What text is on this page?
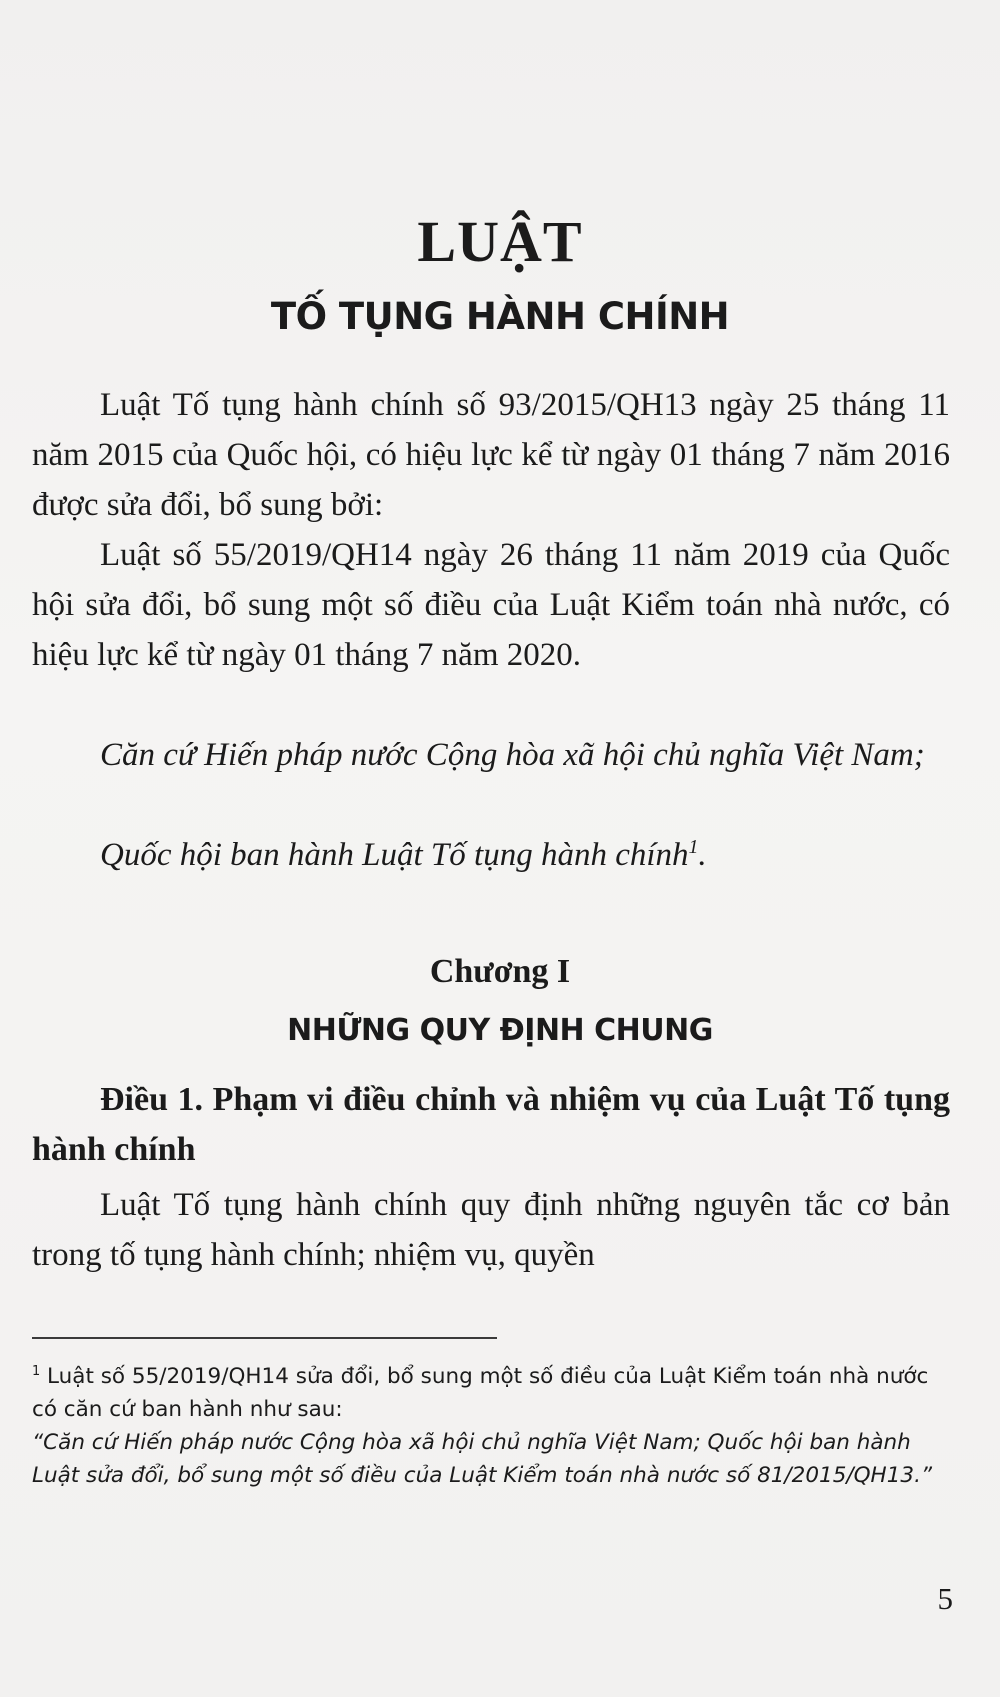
LUẬT
TỐ TỤNG HÀNH CHÍNH

Luật Tố tụng hành chính số 93/2015/QH13 ngày 25 tháng 11 năm 2015 của Quốc hội, có hiệu lực kể từ ngày 01 tháng 7 năm 2016 được sửa đổi, bổ sung bởi:

Luật số 55/2019/QH14 ngày 26 tháng 11 năm 2019 của Quốc hội sửa đổi, bổ sung một số điều của Luật Kiểm toán nhà nước, có hiệu lực kể từ ngày 01 tháng 7 năm 2020.

Căn cứ Hiến pháp nước Cộng hòa xã hội chủ nghĩa Việt Nam;

Quốc hội ban hành Luật Tố tụng hành chính$^1$.

Chương I

NHỮNG QUY ĐỊNH CHUNG

Điều 1. Phạm vi điều chỉnh và nhiệm vụ của Luật Tố tụng hành chính

Luật Tố tụng hành chính quy định những nguyên tắc cơ bản trong tố tụng hành chính; nhiệm vụ, quyền

$^1$ Luật số 55/2019/QH14 sửa đổi, bổ sung một số điều của Luật Kiểm toán nhà nước có căn cứ ban hành như sau:
“Căn cứ Hiến pháp nước Cộng hòa xã hội chủ nghĩa Việt Nam; Quốc hội ban hành Luật sửa đổi, bổ sung một số điều của Luật Kiểm toán nhà nước số 81/2015/QH13.”

5
